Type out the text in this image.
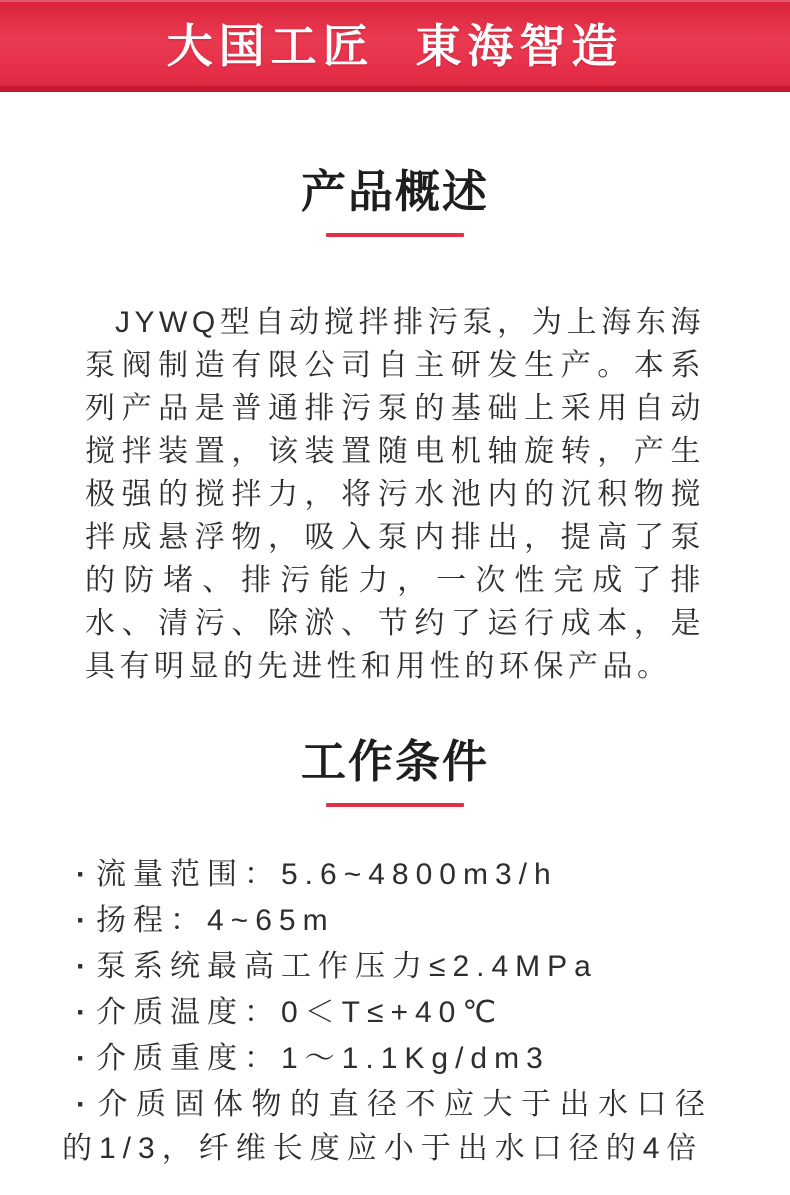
大国工匠 東海智造
产品概述

JYWQ型自动搅拌排污泵，为上海东海泵阀制造有限公司自主研发生产。本系列产品是普通排污泵的基础上采用自动搅拌装置，该装置随电机轴旋转，产生极强的搅拌力，将污水池内的沉积物搅拌成悬浮物，吸入泵内排出，提高了泵的防堵、排污能力，一次性完成了排水、清污、除淤、节约了运行成本，是具有明显的先进性和用性的环保产品。

工作条件
· 流量范围：5.6~4800m3/h
· 扬程：4~65m
· 泵系统最高工作压力≤2.4MPa
· 介质温度：0＜T≤+40℃
· 介质重度：1～1.1Kg/dm3
· 介质固体物的直径不应大于出水口径的1/3，纤维长度应小于出水口径的4倍
